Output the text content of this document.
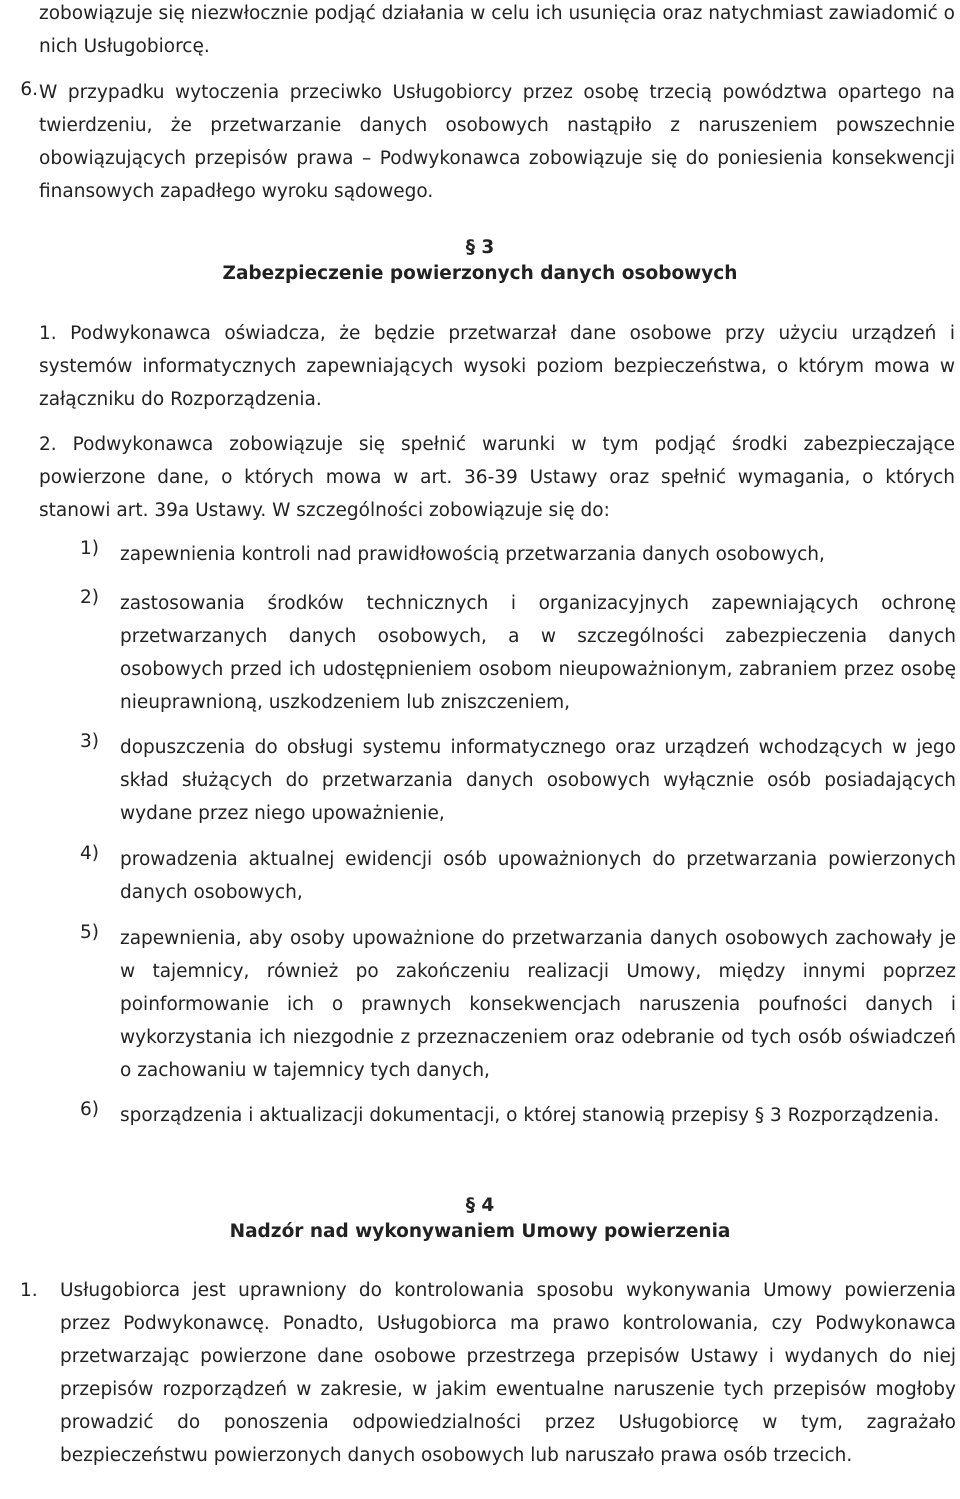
zobowiązuje się niezwłocznie podjąć działania w celu ich usunięcia oraz natychmiast zawiadomić o nich Usługobiorcę.
6. W przypadku wytoczenia przeciwko Usługobiorcy przez osobę trzecią powództwa opartego na twierdzeniu, że przetwarzanie danych osobowych nastąpiło z naruszeniem powszechnie obowiązujących przepisów prawa – Podwykonawca zobowiązuje się do poniesienia konsekwencji finansowych zapadłego wyroku sądowego.
§ 3
Zabezpieczenie powierzonych danych osobowych
1. Podwykonawca oświadcza, że będzie przetwarzał dane osobowe przy użyciu urządzeń i systemów informatycznych zapewniających wysoki poziom bezpieczeństwa, o którym mowa w załączniku do Rozporządzenia.
2. Podwykonawca zobowiązuje się spełnić warunki w tym podjąć środki zabezpieczające powierzone dane, o których mowa w art. 36-39 Ustawy oraz spełnić wymagania, o których stanowi art. 39a Ustawy. W szczególności zobowiązuje się do:
1) zapewnienia kontroli nad prawidłowością przetwarzania danych osobowych,
2) zastosowania środków technicznych i organizacyjnych zapewniających ochronę przetwarzanych danych osobowych, a w szczególności zabezpieczenia danych osobowych przed ich udostępnieniem osobom nieupoważnionym, zabraniem przez osobę nieuprawnioną, uszkodzeniem lub zniszczeniem,
3) dopuszczenia do obsługi systemu informatycznego oraz urządzeń wchodzących w jego skład służących do przetwarzania danych osobowych wyłącznie osób posiadających wydane przez niego upoważnienie,
4) prowadzenia aktualnej ewidencji osób upoważnionych do przetwarzania powierzonych danych osobowych,
5) zapewnienia, aby osoby upoważnione do przetwarzania danych osobowych zachowały je w tajemnicy, również po zakończeniu realizacji Umowy, między innymi poprzez poinformowanie ich o prawnych konsekwencjach naruszenia poufności danych i wykorzystania ich niezgodnie z przeznaczeniem oraz odebranie od tych osób oświadczeń o zachowaniu w tajemnicy tych danych,
6) sporządzenia i aktualizacji dokumentacji, o której stanowią przepisy § 3 Rozporządzenia.
§ 4
Nadzór nad wykonywaniem Umowy powierzenia
1. Usługobiorca jest uprawniony do kontrolowania sposobu wykonywania Umowy powierzenia przez Podwykonawcę. Ponadto, Usługobiorca ma prawo kontrolowania, czy Podwykonawca przetwarzając powierzone dane osobowe przestrzega przepisów Ustawy i wydanych do niej przepisów rozporządzeń w zakresie, w jakim ewentualne naruszenie tych przepisów mogłoby prowadzić do ponoszenia odpowiedzialności przez Usługobiorcę w tym, zagrażało bezpieczeństwu powierzonych danych osobowych lub naruszało prawa osób trzecich.
